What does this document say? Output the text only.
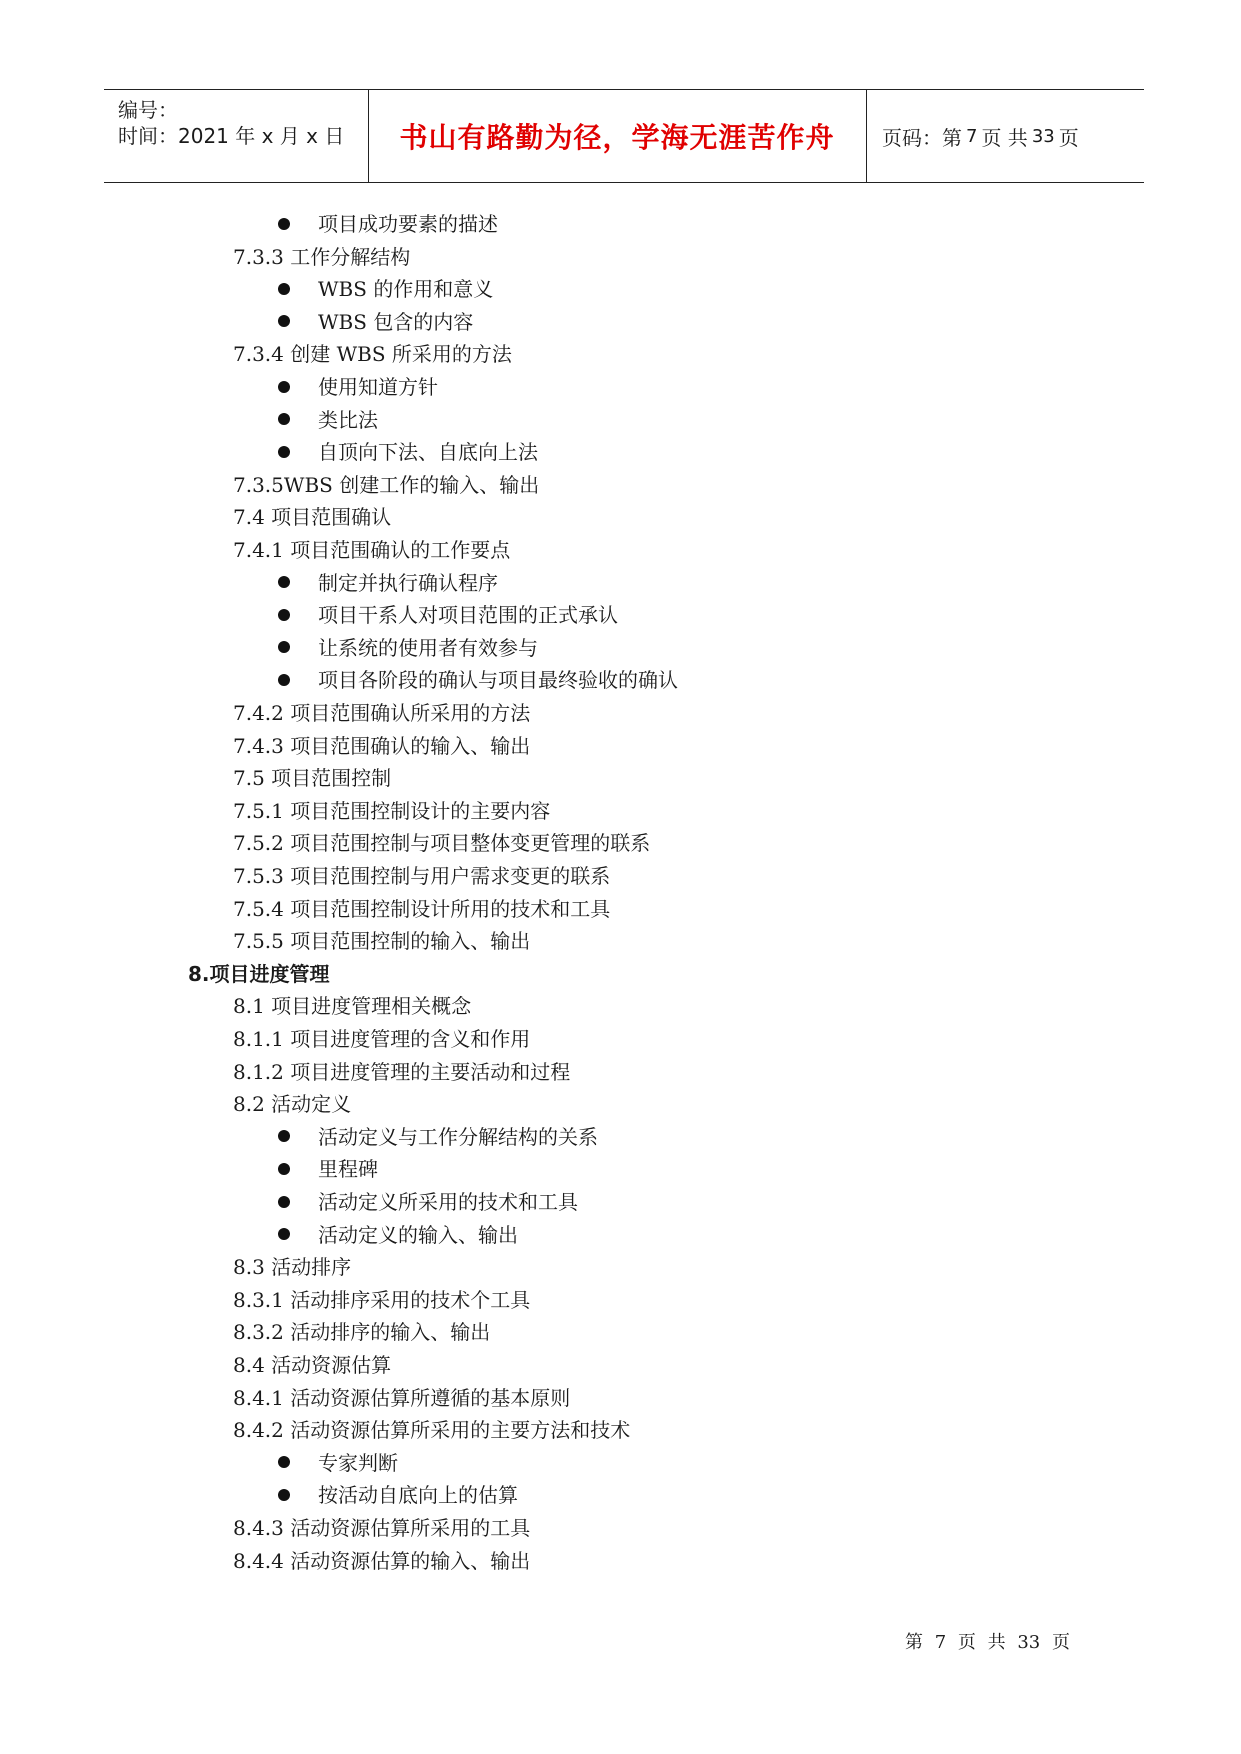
编号：
时间：2021 年 x 月 x 日	书山有路勤为径，学海无涯苦作舟	页码：第 7 页 共 33 页
项目成功要素的描述
7.3.3 工作分解结构
WBS 的作用和意义
WBS 包含的内容
7.3.4 创建 WBS 所采用的方法
使用知道方针
类比法
自顶向下法、自底向上法
7.3.5WBS 创建工作的输入、输出
7.4 项目范围确认
7.4.1 项目范围确认的工作要点
制定并执行确认程序
项目干系人对项目范围的正式承认
让系统的使用者有效参与
项目各阶段的确认与项目最终验收的确认
7.4.2 项目范围确认所采用的方法
7.4.3 项目范围确认的输入、输出
7.5 项目范围控制
7.5.1 项目范围控制设计的主要内容
7.5.2 项目范围控制与项目整体变更管理的联系
7.5.3 项目范围控制与用户需求变更的联系
7.5.4 项目范围控制设计所用的技术和工具
7.5.5 项目范围控制的输入、输出
8.项目进度管理
8.1 项目进度管理相关概念
8.1.1 项目进度管理的含义和作用
8.1.2 项目进度管理的主要活动和过程
8.2 活动定义
活动定义与工作分解结构的关系
里程碑
活动定义所采用的技术和工具
活动定义的输入、输出
8.3 活动排序
8.3.1 活动排序采用的技术个工具
8.3.2 活动排序的输入、输出
8.4 活动资源估算
8.4.1 活动资源估算所遵循的基本原则
8.4.2 活动资源估算所采用的主要方法和技术
专家判断
按活动自底向上的估算
8.4.3 活动资源估算所采用的工具
8.4.4 活动资源估算的输入、输出
第 7 页 共 33 页
